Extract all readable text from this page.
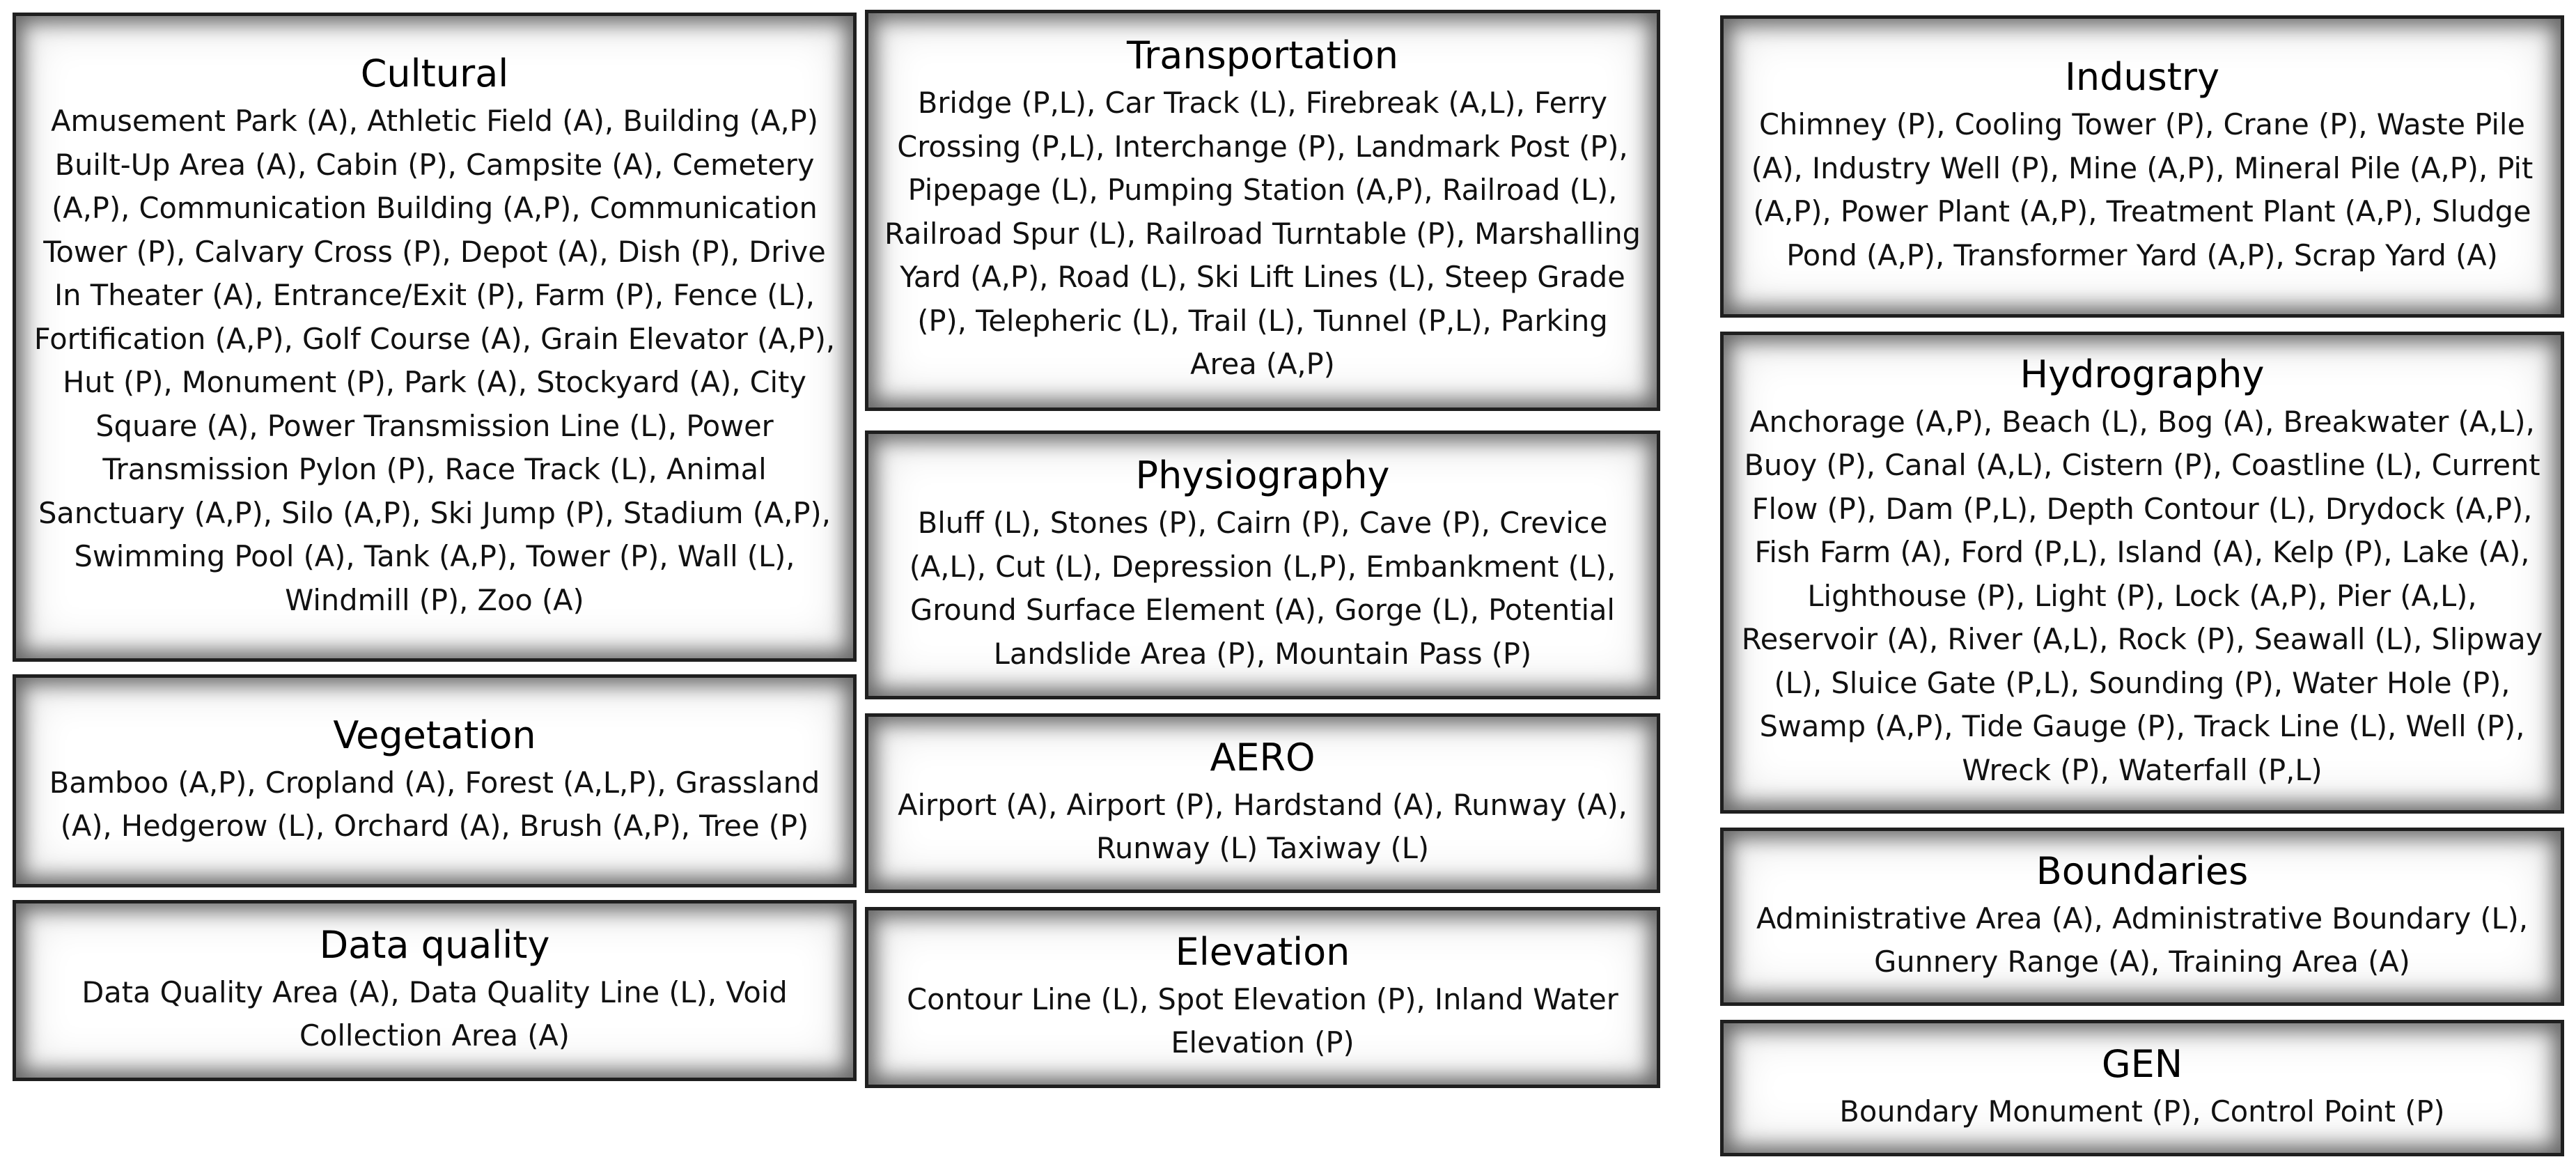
Cultural

Amusement Park (A), Athletic Field (A), Building (A,P) Built-Up Area (A), Cabin (P), Campsite (A), Cemetery (A,P), Communication Building (A,P), Communication Tower (P), Calvary Cross (P), Depot (A), Dish (P), Drive In Theater (A), Entrance/Exit (P), Farm (P), Fence (L), Fortification (A,P), Golf Course (A), Grain Elevator (A,P), Hut (P), Monument (P), Park (A), Stockyard (A), City Square (A), Power Transmission Line (L), Power Transmission Pylon (P), Race Track (L), Animal Sanctuary (A,P), Silo (A,P), Ski Jump (P), Stadium (A,P), Swimming Pool (A), Tank (A,P), Tower (P), Wall (L), Windmill (P), Zoo (A)

Vegetation

Bamboo (A,P), Cropland (A), Forest (A,L,P), Grassland (A), Hedgerow (L), Orchard (A), Brush (A,P), Tree (P)

Data quality

Data Quality Area (A), Data Quality Line (L), Void Collection Area (A)

Transportation

Bridge (P,L), Car Track (L), Firebreak (A,L), Ferry Crossing (P,L), Interchange (P), Landmark Post (P), Pipepage (L), Pumping Station (A,P), Railroad (L), Railroad Spur (L), Railroad Turntable (P), Marshalling Yard (A,P), Road (L), Ski Lift Lines (L), Steep Grade (P), Telepheric (L), Trail (L), Tunnel (P,L), Parking Area (A,P)

Physiography

Bluff (L), Stones (P), Cairn (P), Cave (P), Crevice (A,L), Cut (L), Depression (L,P), Embankment (L), Ground Surface Element (A), Gorge (L), Potential Landslide Area (P), Mountain Pass (P)

AERO

Airport (A), Airport (P), Hardstand (A), Runway (A), Runway (L) Taxiway (L)

Elevation

Contour Line (L), Spot Elevation (P), Inland Water Elevation (P)

Industry

Chimney (P), Cooling Tower (P), Crane (P), Waste Pile (A), Industry Well (P), Mine (A,P), Mineral Pile (A,P), Pit (A,P), Power Plant (A,P), Treatment Plant (A,P), Sludge Pond (A,P), Transformer Yard (A,P), Scrap Yard (A)

Hydrography

Anchorage (A,P), Beach (L), Bog (A), Breakwater (A,L), Buoy (P), Canal (A,L), Cistern (P), Coastline (L), Current Flow (P), Dam (P,L), Depth Contour (L), Drydock (A,P), Fish Farm (A), Ford (P,L), Island (A), Kelp (P), Lake (A), Lighthouse (P), Light (P), Lock (A,P), Pier (A,L), Reservoir (A), River (A,L), Rock (P), Seawall (L), Slipway (L), Sluice Gate (P,L), Sounding (P), Water Hole (P), Swamp (A,P), Tide Gauge (P), Track Line (L), Well (P), Wreck (P), Waterfall (P,L)

Boundaries

Administrative Area (A), Administrative Boundary (L), Gunnery Range (A), Training Area (A)

GEN

Boundary Monument (P), Control Point (P)
